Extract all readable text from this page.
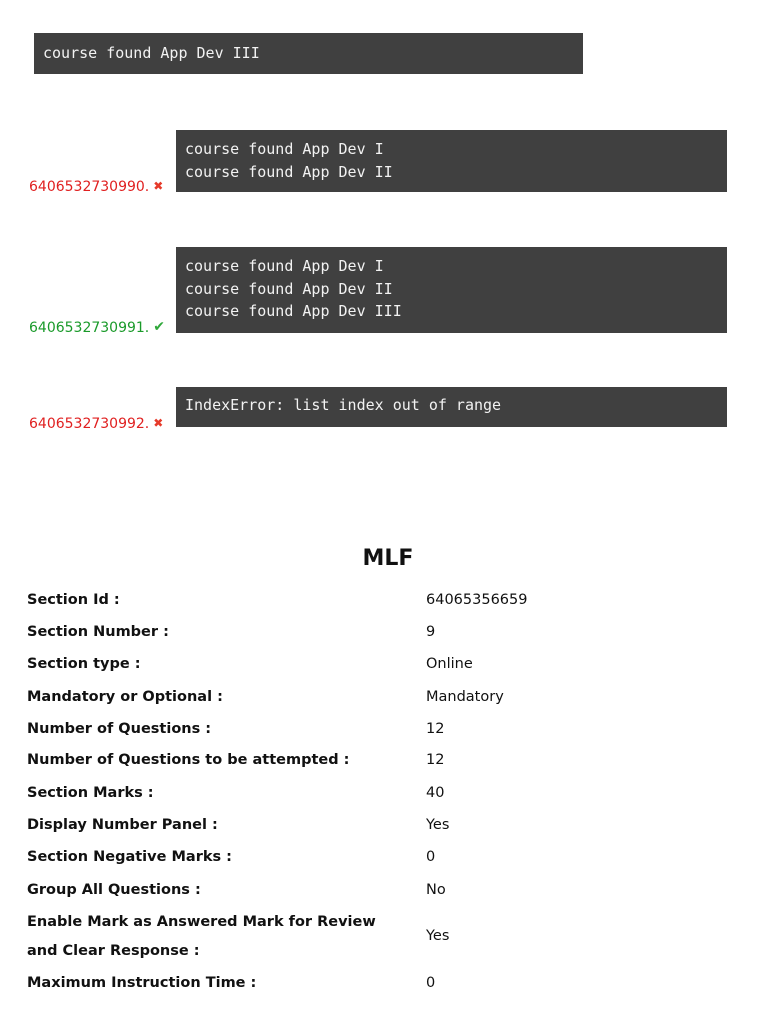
course found App Dev III
course found App Dev I
course found App Dev II
6406532730990. ✖
course found App Dev I
course found App Dev II
course found App Dev III
6406532730991. ✔
IndexError: list index out of range
6406532730992. ✖
MLF
Section Id :	64065356659
Section Number :	9
Section type :	Online
Mandatory or Optional :	Mandatory
Number of Questions :	12
Number of Questions to be attempted :	12
Section Marks :	40
Display Number Panel :	Yes
Section Negative Marks :	0
Group All Questions :	No
Enable Mark as Answered Mark for Review and Clear Response :
Yes
Maximum Instruction Time :	0
